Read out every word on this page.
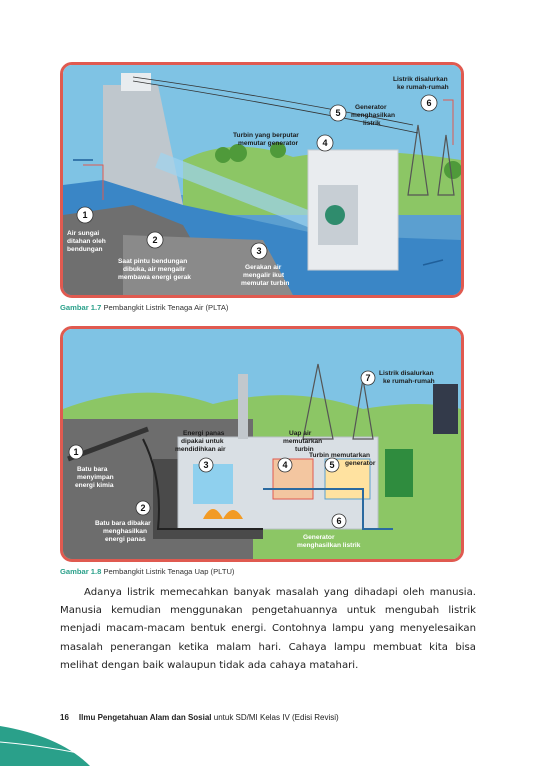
1
2
3
4
5
6
Air sungai
ditahan oleh
bendungan
Saat pintu bendungan
dibuka, air mengalir
membawa energi gerak
Gerakan air
mengalir ikut
memutar turbin
Turbin yang berputar
memutar generator
Generator
menghasilkan
listrik
Listrik disalurkan
ke rumah-rumah
Gambar 1.7 Pembangkit Listrik Tenaga Air (PLTA)
1
2
3	4	5
6
7
Batu bara
menyimpan
energi kimia
Batu bara dibakar
menghasilkan
energi panas
Energi panas
dipakai untuk
mendidihkan air
Uap air
memutarkan
turbin
Turbin memutarkan
generator
Generator
menghasilkan listrik
Listrik disalurkan
ke rumah-rumah
Gambar 1.8 Pembangkit Listrik Tenaga Uap (PLTU)
Adanya listrik memecahkan banyak masalah yang dihadapi oleh manusia. Manusia kemudian menggunakan pengetahuannya untuk mengubah listrik menjadi macam-macam bentuk energi. Contohnya lampu yang menyelesaikan masalah penerangan ketika malam hari. Cahaya lampu membuat kita bisa melihat dengan baik walaupun tidak ada cahaya matahari.
16 Ilmu Pengetahuan Alam dan Sosial untuk SD/MI Kelas IV (Edisi Revisi)
